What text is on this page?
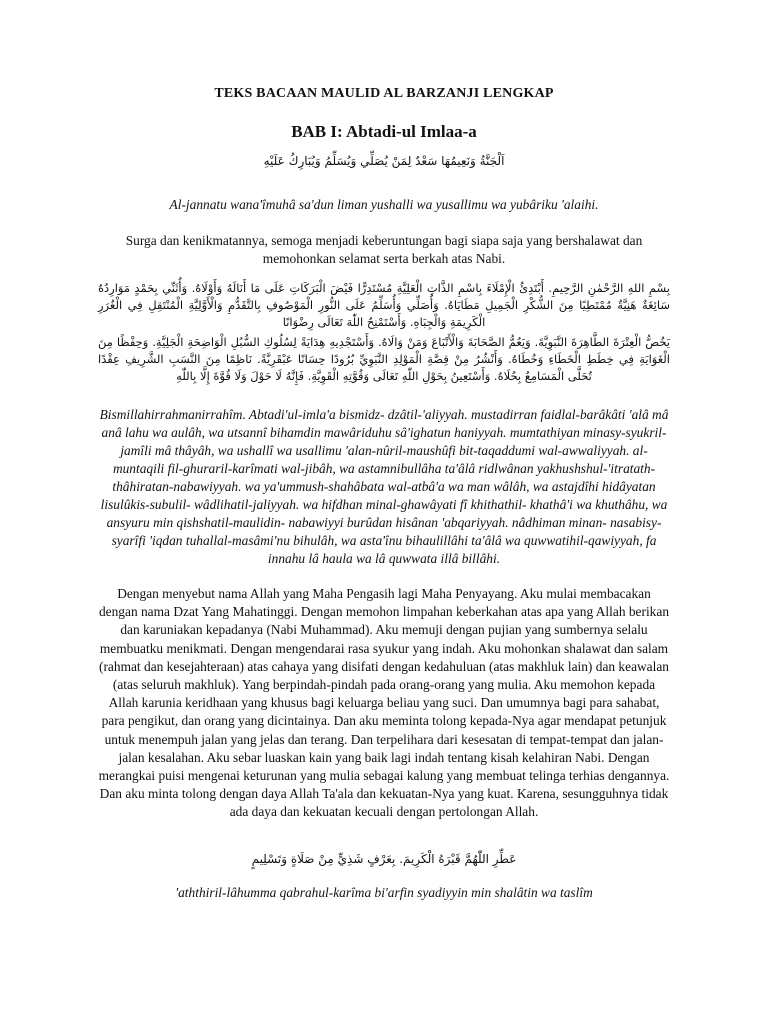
TEKS BACAAN MAULID AL BARZANJI LENGKAP
BAB I: Abtadi-ul Imlaa-a
اَلْجَنَّةُ وَنَعِيمُهَا سَعْدٌ لِمَنْ يُصَلِّي وَيُسَلِّمُ وَيُبَارِكُ عَلَيْهِ
Al-jannatu wana'îmuhâ sa'dun liman yushalli wa yusallimu wa yubâriku 'alaihi.
Surga dan kenikmatannya, semoga menjadi keberuntungan bagi siapa saja yang bershalawat dan memohonkan selamat serta berkah atas Nabi.
بِسْمِ اللهِ الرَّحْمٰنِ الرَّحِيمِ. أَبْتَدِئُ الْإِمْلَاءَ بِاسْمِ الذَّاتِ الْعَلِيَّةِ مُسْتَدِرًّا فَيْضَ الْبَرَكَاتِ عَلَى مَا أَنَالَهُ وَأَوْلَاهُ. وَأُثَنِّي بِحَمْدٍ مَوَارِدُهُ سَائِغَةٌ هَنِيَّةٌ مُمْتَطِيًا مِنَ الشُّكْرِ الْجَمِيلِ مَطَايَاهُ. وَأُصَلِّي وَأُسَلِّمُ عَلَى النُّورِ الْمَوْصُوفِ بِالتَّقَدُّمِ وَالْأَوَّلِيَّةِ الْمُنْتَقِلِ فِي الْغُرَرِ الْكَرِيمَةِ وَالْجِبَاهِ. وَأَسْتَمْنِحُ اللّٰهَ تَعَالَى رِضْوَانًا
يَخُصُّ الْعِتْرَةَ الطَّاهِرَةَ النَّبَوِيَّةَ. وَيَعُمُّ الصَّحَابَةَ وَالْأَتْبَاعَ وَمَنْ وَالَاهُ. وَأَسْتَجْدِيهِ هِدَايَةً لِسُلُوكِ السُّبُلِ الْوَاضِحَةِ الْجَلِيَّةِ. وَحِفْظًا مِنَ الْغَوَايَةِ فِي خِطَطِ الْخَطَاءِ وَخُطَاهُ. وَأَنْشُرُ مِنْ قِصَّةِ الْمَوْلِدِ النَّبَوِيِّ بُرُودًا حِسَانًا عَبْقَرِيَّةً. نَاظِمًا مِنَ النَّسَبِ الشَّرِيفِ عِقْدًا تُحَلَّى الْمَسَامِعُ بِحُلَاهُ. وَأَسْتَعِينُ بِحَوْلِ اللّٰهِ تَعَالَى وَقُوَّتِهِ الْقَوِيَّةِ. فَإِنَّهُ لَا حَوْلَ وَلَا قُوَّةَ إِلَّا بِاللّٰهِ
Bismillahirrahmanirrahîm. Abtadi'ul-imla'a bismidz- dzâtil-'aliyyah. mustadirran faidlal-barâkâti 'alâ mâ anâ lahu wa aulâh, wa utsannî bihamdin mawâriduhu sâ'ighatun haniyyah. mumtathiyan minasy-syukril-jamîli mâ thâyâh, wa ushallî wa usallimu 'alan-nûril-maushûfi bit-taqaddumi wal-awwaliyyah. al-muntaqili fil-ghuraril-karîmati wal-jibâh, wa astamnibullâha ta'âlâ ridlwânan yakhushshul-'itratath- thâhiratan-nabawiyyah. wa ya'ummush-shahâbata wal-atbâ'a wa man wâlâh, wa astajdîhi hidâyatan lisulûkis-subulil- wâdlihatil-jaliyyah. wa hifdhan minal-ghawâyati fî khithathil- khathâ'i wa khuthâhu, wa ansyuru min qishshatil-maulidin- nabawiyyi burûdan hisânan 'abqariyyah. nâdhiman minan- nasabisy-syarîfi 'iqdan tuhallal-masâmi'nu bihulâh, wa asta'înu bihaulillâhi ta'âlâ wa quwwatihil-qawiyyah, fa innahu lâ haula wa lâ quwwata illâ billâhi.
Dengan menyebut nama Allah yang Maha Pengasih lagi Maha Penyayang. Aku mulai membacakan dengan nama Dzat Yang Mahatinggi. Dengan memohon limpahan keberkahan atas apa yang Allah berikan dan karuniakan kepadanya (Nabi Muhammad). Aku memuji dengan pujian yang sumbernya selalu membuatku menikmati. Dengan mengendarai rasa syukur yang indah. Aku mohonkan shalawat dan salam (rahmat dan kesejahteraan) atas cahaya yang disifati dengan kedahuluan (atas makhluk lain) dan keawalan (atas seluruh makhluk). Yang berpindah-pindah pada orang-orang yang mulia. Aku memohon kepada Allah karunia keridhaan yang khusus bagi keluarga beliau yang suci. Dan umumnya bagi para sahabat, para pengikut, dan orang yang dicintainya. Dan aku meminta tolong kepada-Nya agar mendapat petunjuk untuk menempuh jalan yang jelas dan terang. Dan terpelihara dari kesesatan di tempat-tempat dan jalan-jalan kesalahan. Aku sebar luaskan kain yang baik lagi indah tentang kisah kelahiran Nabi. Dengan merangkai puisi mengenai keturunan yang mulia sebagai kalung yang membuat telinga terhias dengannya. Dan aku minta tolong dengan daya Allah Ta'ala dan kekuatan-Nya yang kuat. Karena, sesungguhnya tidak ada daya dan kekuatan kecuali dengan pertolongan Allah.
عَطِّرِ اللّٰهُمَّ قَبْرَهُ الْكَرِيمَ. بِعَرْفٍ شَذِيٍّ مِنْ صَلَاةٍ وَتَسْلِيمٍ
'aththiril-lâhumma qabrahul-karîma bi'arfin syadiyyin min shalâtin wa taslîm
